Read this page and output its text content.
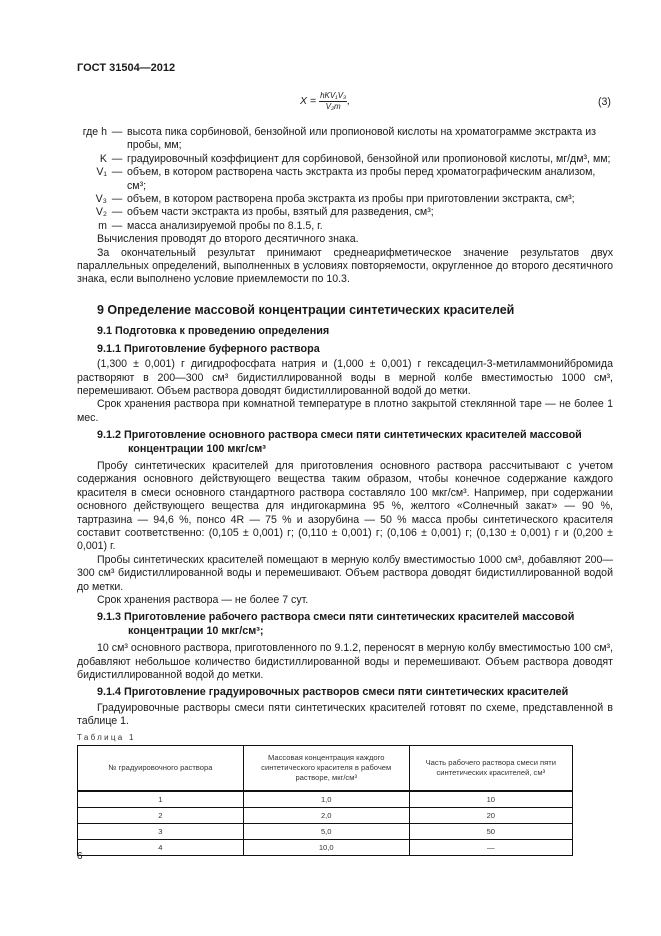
ГОСТ 31504—2012
$X = \frac{\text{hKV₁V₃}}{\text{V₂m}}$ ,	(3)
где h — высота пика сорбиновой, бензойной или пропионовой кислоты на хроматограмме экстракта из пробы, мм;
K — градуировочный коэффициент для сорбиновой, бензойной или пропионовой кислоты, мг/дм³, мм;
V₁ — объем, в котором растворена часть экстракта из пробы перед хроматографическим анализом, см³;
V₃ — объем, в котором растворена проба экстракта из пробы при приготовлении экстракта, см³;
V₂ — объем части экстракта из пробы, взятый для разведения, см³;
m — масса анализируемой пробы по 8.1.5, г.

Вычисления проводят до второго десятичного знака.

За окончательный результат принимают среднеарифметическое значение результатов двух параллельных определений, выполненных в условиях повторяемости, округленное до второго десятичного знака, если выполнено условие приемлемости по 10.3.

9 Определение массовой концентрации синтетических красителей
9.1 Подготовка к проведению определения
9.1.1 Приготовление буферного раствора

(1,300 ± 0,001) г дигидрофосфата натрия и (1,000 ± 0,001) г гексадецил-3-метиламмонийбромида растворяют в 200—300 см³ бидистиллированной воды в мерной колбе вместимостью 1000 см³, перемешивают. Объем раствора доводят бидистиллированной водой до метки.

Срок хранения раствора при комнатной температуре в плотно закрытой стеклянной таре — не более 1 мес.

9.1.2 Приготовление основного раствора смеси пяти синтетических красителей массовой концентрации 100 мкг/см³

Пробу синтетических красителей для приготовления основного раствора рассчитывают с учетом содержания основного действующего вещества таким образом, чтобы конечное содержание каждого красителя в смеси основного стандартного раствора составляло 100 мкг/см³. Например, при содержании основного действующего вещества для индигокармина 95 %, желтого «Солнечный закат» — 90 %, тартразина — 94,6 %, понсо 4R — 75 % и азорубина — 50 % масса пробы синтетического красителя составит соответственно: (0,105 ± 0,001) г; (0,110 ± 0,001) г; (0,106 ± 0,001) г; (0,130 ± 0,001) г и (0,200 ± 0,001) г.

Пробы синтетических красителей помещают в мерную колбу вместимостью 1000 см³, добавляют 200—300 см³ бидистиллированной воды и перемешивают. Объем раствора доводят бидистиллированной водой до метки.

Срок хранения раствора — не более 7 сут.

9.1.3 Приготовление рабочего раствора смеси пяти синтетических красителей массовой концентрации 10 мкг/см³;

10 см³ основного раствора, приготовленного по 9.1.2, переносят в мерную колбу вместимостью 100 см³, добавляют небольшое количество бидистиллированной воды и перемешивают. Объем раствора доводят бидистиллированной водой до метки.

9.1.4 Приготовление градуировочных растворов смеси пяти синтетических красителей

Градуировочные растворы смеси пяти синтетических красителей готовят по схеме, представленной в таблице 1.

Таблица 1
№ градуировочного раствора	Массовая концентрация каждого синтетического красителя в рабочем растворе, мкг/см³	Часть рабочего раствора смеси пяти синтетических красителей, см³
1	1,0	10
2	2,0	20
3	5,0	50
4	10,0	—
6
